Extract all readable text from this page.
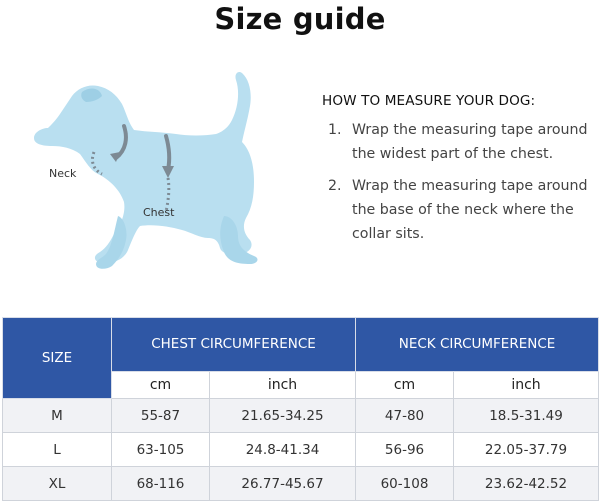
Size guide
Neck
Chest
HOW TO MEASURE YOUR DOG:
1. Wrap the measuring tape around the widest part of the chest.
2. Wrap the measuring tape around the base of the neck where the collar sits.
SIZE	CHEST CIRCUMFERENCE		NECK CIRCUMFERENCE	
	cm	inch	cm	inch
M	55-87	21.65-34.25	47-80	18.5-31.49
L	63-105	24.8-41.34	56-96	22.05-37.79
XL	68-116	26.77-45.67	60-108	23.62-42.52
